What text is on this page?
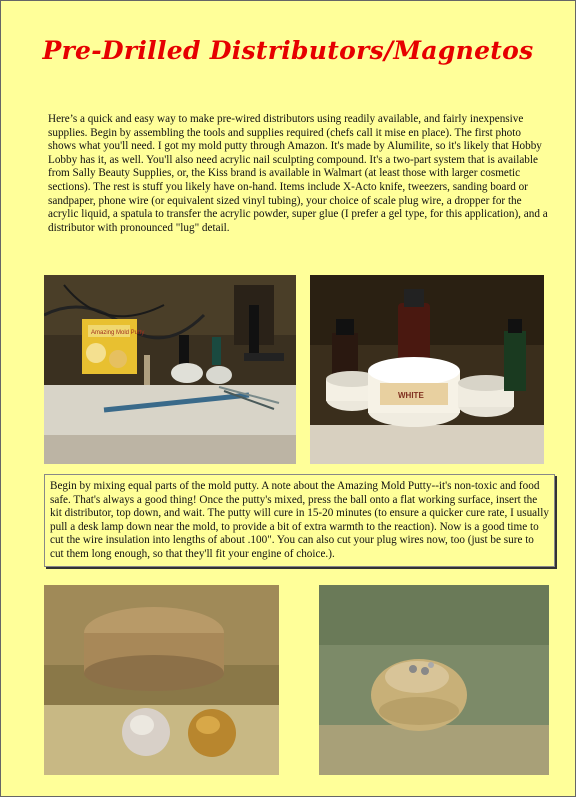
Pre-Drilled Distributors/Magnetos
Here’s a quick and easy way to make pre-wired distributors using readily available, and fairly inexpensive supplies. Begin by assembling the tools and supplies required (chefs call it mise en place). The first photo shows what you'll need. I got my mold putty through Amazon. It's made by Alumilite, so it's likely that Hobby Lobby has it, as well. You'll also need acrylic nail sculpting compound. It's a two-part system that is available from Sally Beauty Supplies, or, the Kiss brand is available in Walmart (at least those with larger cosmetic sections). The rest is stuff you likely have on-hand. Items include X-Acto knife, tweezers, sanding board or sandpaper, phone wire (or equivalent sized vinyl tubing), your choice of scale plug wire, a dropper for the acrylic liquid, a spatula to transfer the acrylic powder, super glue (I prefer a gel type, for this application), and a distributor with pronounced "lug" detail.
Amazing Mold Putty
WHITE
Begin by mixing equal parts of the mold putty. A note about the Amazing Mold Putty--it's non-toxic and food safe. That's always a good thing! Once the putty's mixed, press the ball onto a flat working surface, insert the kit distributor, top down, and wait. The putty will cure in 15-20 minutes (to ensure a quicker cure rate, I usually pull a desk lamp down near the mold, to provide a bit of extra warmth to the reaction). Now is a good time to cut the wire insulation into lengths of about .100". You can also cut your plug wires now, too (just be sure to cut them long enough, so that they'll fit your engine of choice.).
